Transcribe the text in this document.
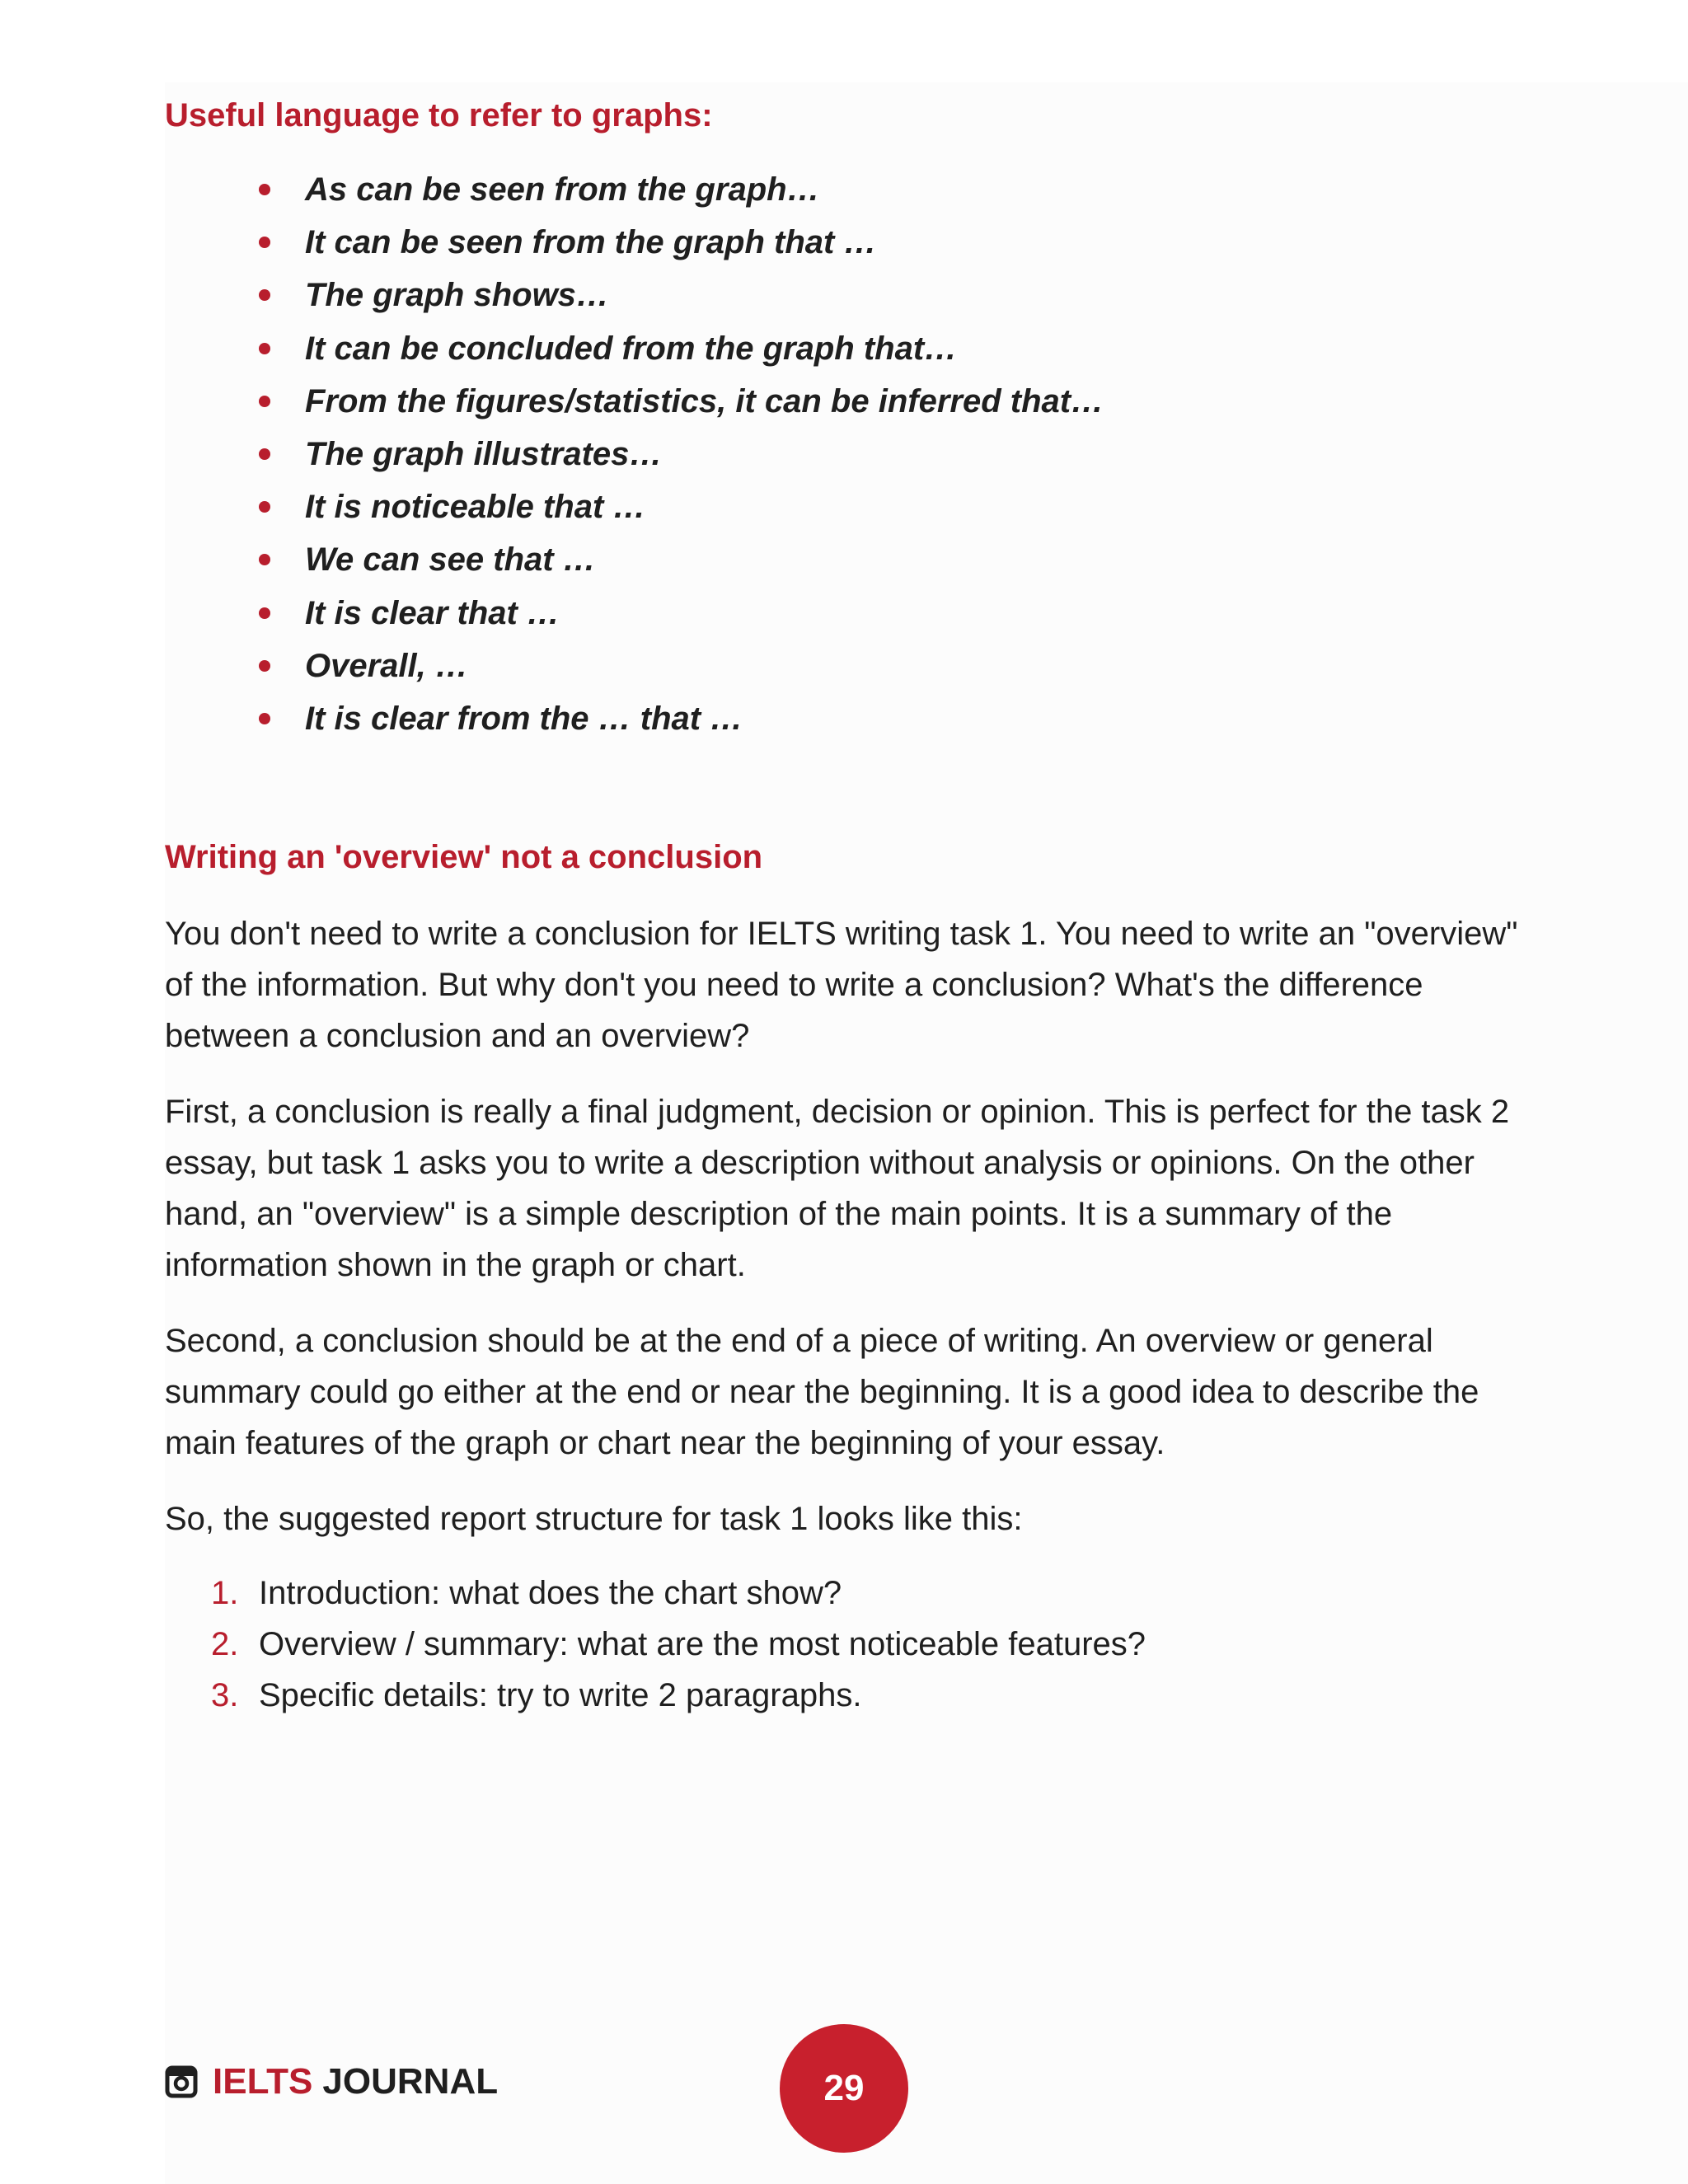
Useful language to refer to graphs:
As can be seen from the graph…
It can be seen from the graph that …
The graph shows…
It can be concluded from the graph that…
From the figures/statistics, it can be inferred that…
The graph illustrates…
It is noticeable that …
We can see that …
It is clear that …
Overall, …
It is clear from the … that …
Writing an 'overview' not a conclusion

You don't need to write a conclusion for IELTS writing task 1. You need to write an "overview" of the information. But why don't you need to write a conclusion? What's the difference between a conclusion and an overview?

First, a conclusion is really a final judgment, decision or opinion. This is perfect for the task 2 essay, but task 1 asks you to write a description without analysis or opinions. On the other hand, an "overview" is a simple description of the main points. It is a summary of the information shown in the graph or chart.

Second, a conclusion should be at the end of a piece of writing. An overview or general summary could go either at the end or near the beginning. It is a good idea to describe the main features of the graph or chart near the beginning of your essay.

So, the suggested report structure for task 1 looks like this:

1. Introduction: what does the chart show?
2. Overview / summary: what are the most noticeable features?
3. Specific details: try to write 2 paragraphs.
IELTS JOURNAL	29
